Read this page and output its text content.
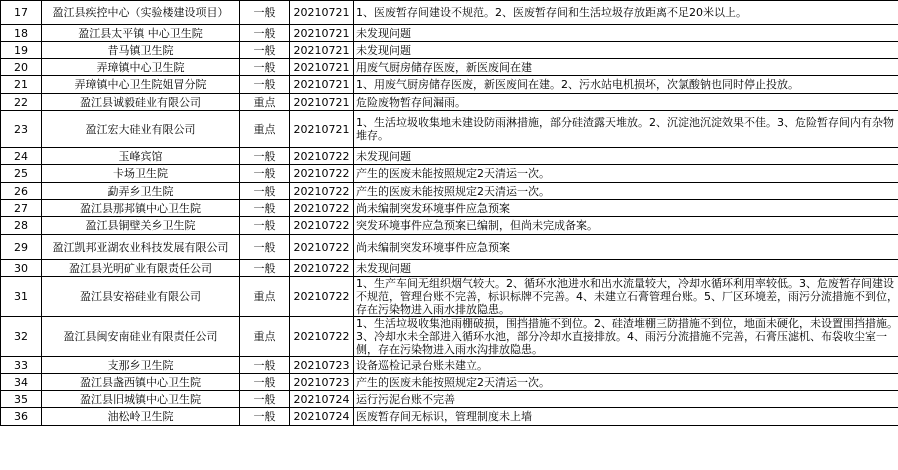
17	盈江县疾控中心（实验楼建设项目）	一般	20210721	1、医废暂存间建设不规范。2、医废暂存间和生活垃圾存放距离不足20米以上。

18	盈江县太平镇 中心卫生院	一般	20210721	未发现问题

19	昔马镇卫生院	一般	20210721	未发现问题

20	弄璋镇中心卫生院	一般	20210721	用废气厨房储存医废，新医废间在建

21	弄璋镇中心卫生院姐冒分院	一般	20210721	1、用废气厨房储存医废，新医废间在建。2、污水站电机损坏，次氯酸钠也同时停止投放。

22	盈江县诚毅硅业有限公司	重点	20210721	危险废物暂存间漏雨。

23	盈江宏大硅业有限公司	重点	20210721	1、生活垃圾收集地未建设防雨淋措施，部分硅渣露天堆放。2、沉淀池沉淀效果不佳。3、危险暂存间内有杂物堆存。

24	玉峰宾馆	一般	20210722	未发现问题

25	卡场卫生院	一般	20210722	产生的医废未能按照规定2天清运一次。

26	勐弄乡卫生院	一般	20210722	产生的医废未能按照规定2天清运一次。

27	盈江县那邦镇中心卫生院	一般	20210722	尚未编制突发环境事件应急预案

28	盈江县铜壁关乡卫生院	一般	20210722	突发环境事件应急预案已编制，但尚未完成备案。

29	盈江凯邦亚湖农业科技发展有限公司	一般	20210722	尚未编制突发环境事件应急预案

30	盈江县光明矿业有限责任公司	一般	20210722	未发现问题

31	盈江县安裕硅业有限公司	重点	20210722	1、生产车间无组织烟气较大。2、循环水池进水和出水流量较大，冷却水循环利用率较低。3、危废暂存间建设不规范，管理台账不完善，标识标牌不完善。4、未建立石膏管理台账。5、厂区环境差，雨污分流措施不到位，存在污染物进入雨水排放隐患。

32	盈江县闽安南硅业有限责任公司	重点	20210722	1、生活垃圾收集池雨棚破损，围挡措施不到位。2、硅渣堆棚三防措施不到位，地面未硬化，未设置围挡措施。3、冷却水未全部进入循环水池，部分冷却水直接排放。4、雨污分流措施不完善，石膏压滤机、布袋收尘室一侧，存在污染物进入雨水沟排放隐患。

33	支那乡卫生院	一般	20210723	设备巡检记录台账未建立。

34	盈江县盏西镇中心卫生院	一般	20210723	产生的医废未能按照规定2天清运一次。

35	盈江县旧城镇中心卫生院	一般	20210724	运行污泥台账不完善

36	油松岭卫生院	一般	20210724	医废暂存间无标识，管理制度未上墙
